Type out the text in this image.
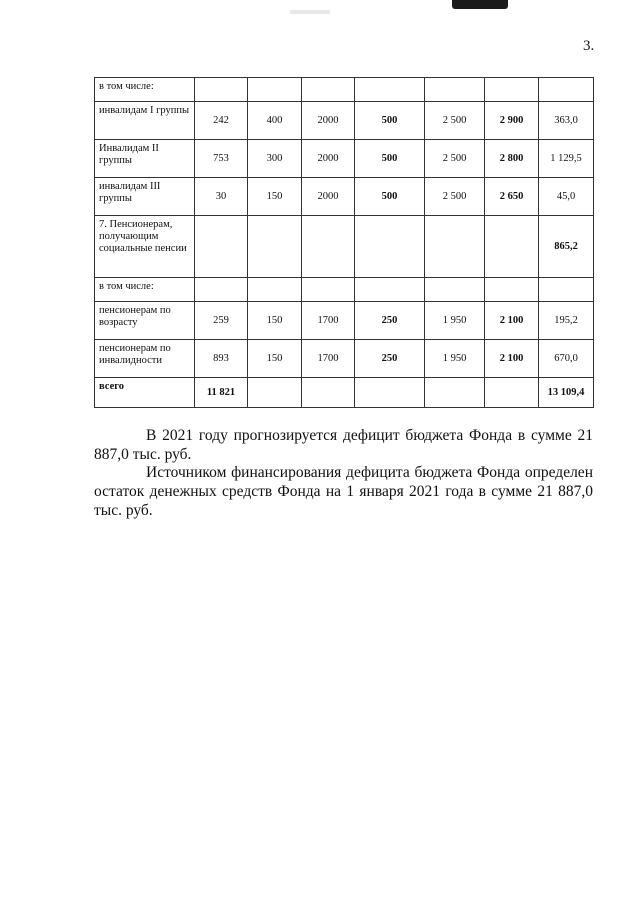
3.
в том числе:							
инвалидам I группы	242	400	2000	500	2 500	2 900	363,0
Инвалидам II группы	753	300	2000	500	2 500	2 800	1 129,5
инвалидам III группы	30	150	2000	500	2 500	2 650	45,0
7. Пенсионерам, получающим социальные пенсии							865,2
в том числе:							
пенсионерам по возрасту	259	150	1700	250	1 950	2 100	195,2
пенсионерам по инвалидности	893	150	1700	250	1 950	2 100	670,0
всего	11 821						13 109,4
В 2021 году прогнозируется дефицит бюджета Фонда в сумме 21 887,0 тыс. руб.
Источником финансирования дефицита бюджета Фонда определен остаток денежных средств Фонда на 1 января 2021 года в сумме 21 887,0 тыс. руб.
